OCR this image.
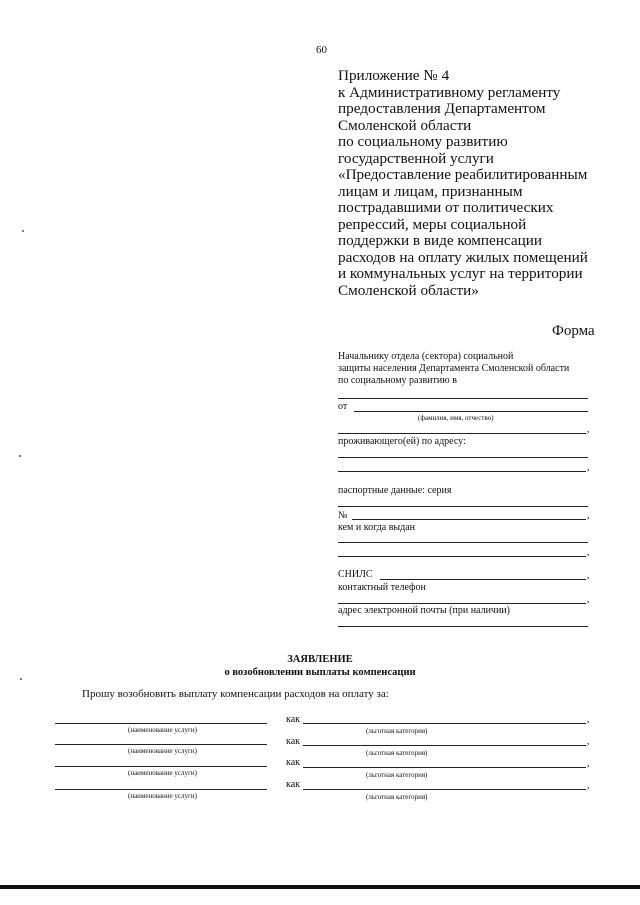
60
Приложение № 4
к Административному регламенту
предоставления Департаментом
Смоленской области
по социальному развитию
государственной услуги
«Предоставление реабилитированным
лицам и лицам, признанным
пострадавшими от политических
репрессий, меры социальной
поддержки в виде компенсации
расходов на оплату жилых помещений
и коммунальных услуг на территории
Смоленской области»
Форма
Начальнику отдела (сектора) социальной
защиты населения Департамента Смоленской области
по социальному развитию в
от
(фамилия, имя, отчество)
,
проживающего(ей) по адресу:
,
паспортные данные: серия
№	,
кем и когда выдан
,
СНИЛС	,
контактный телефон
,
адрес электронной почты (при наличии)
ЗАЯВЛЕНИЕ
о возобновлении выплаты компенсации
Прошу возобновить выплату компенсации расходов на оплату за:
(наименование услуги)
как	,
(льготная категория)
(наименование услуги)
как	,
(льготная категория)
(наименование услуги)
как	,
(льготная категория)
(наименование услуги)
как	,
(льготная категория)
